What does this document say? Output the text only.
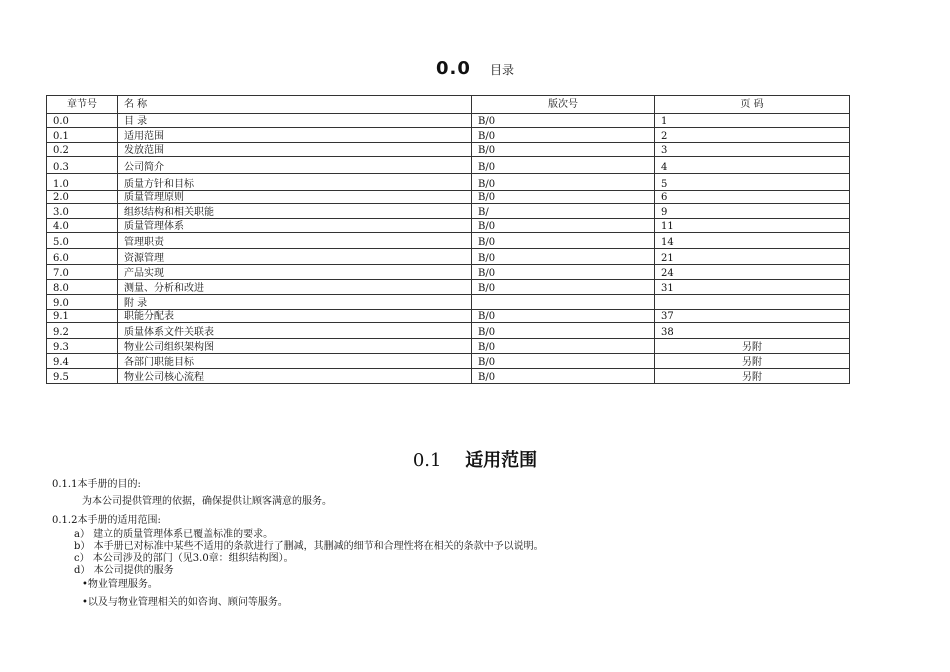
0.0 目录
章节号	名 称	版次号	页 码
0.0	目 录	B/0	1
0.1	适用范围	B/0	2
0.2	发放范围	B/0	3
0.3	公司简介	B/0	4
1.0	质量方针和目标	B/0	5
2.0	质量管理原则	B/0	6
3.0	组织结构和相关职能	B/	9
4.0	质量管理体系	B/0	11
5.0	管理职责	B/0	14
6.0	资源管理	B/0	21
7.0	产品实现	B/0	24
8.0	测量、分析和改进	B/0	31
9.0	附 录		
9.1	职能分配表	B/0	37
9.2	质量体系文件关联表	B/0	38
9.3	物业公司组织架构图	B/0	另附
9.4	各部门职能目标	B/0	另附
9.5	物业公司核心流程	B/0	另附
0.1 适用范围
0.1.1本手册的目的:
为本公司提供管理的依据，确保提供让顾客满意的服务。
0.1.2本手册的适用范围:
a） 建立的质量管理体系已覆盖标准的要求。
b） 本手册已对标准中某些不适用的条款进行了删减，其删减的细节和合理性将在相关的条款中予以说明。
c） 本公司涉及的部门（见3.0章：组织结构图）。
d） 本公司提供的服务
•物业管理服务。
•以及与物业管理相关的如咨询、顾问等服务。
